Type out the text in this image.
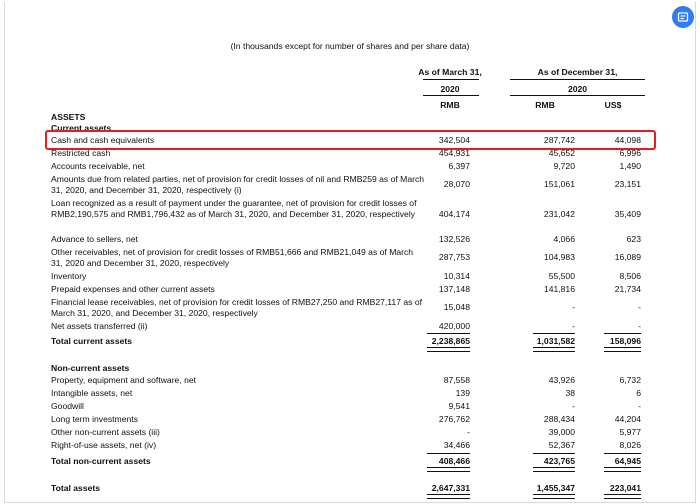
(In thousands except for number of shares and per share data)
As of March 31,
2020
RMB
As of December 31,
2020
RMB	US$
ASSETS
Current assets
Cash and cash equivalents	342,504	287,742	44,098
Restricted cash	454,931	45,652	6,996
Accounts receivable, net	6,397	9,720	1,490
Amounts due from related parties, net of provision for credit losses of nil and RMB259 as of March 31, 2020, and December 31, 2020, respectively (i)
28,070	151,061	23,151
Loan recognized as a result of payment under the guarantee, net of provision for credit losses of RMB2,190,575 and RMB1,796,432 as of March 31, 2020, and December 31, 2020, respectively	404,174	231,042	35,409
Advance to sellers, net	132,526	4,066	623
Other receivables, net of provision for credit losses of RMB51,666 and RMB21,049 as of March 31, 2020 and December 31, 2020, respectively
287,753	104,983	16,089
Inventory	10,314	55,500	8,506
Prepaid expenses and other current assets	137,148	141,816	21,734
Financial lease receivables, net of provision for credit losses of RMB27,250 and RMB27,117 as of March 31, 2020, and December 31, 2020, respectively
15,048	-	-
Net assets transferred (ii)	420,000	-	-
Total current assets	2,238,865	1,031,582	158,096
Non-current assets
Property, equipment and software, net	87,558	43,926	6,732
Intangible assets, net	139	38	6
Goodwill	9,541	-	-
Long term investments	276,762	288,434	44,204
Other non-current assets (iii)	-	39,000	5,977
Right-of-use assets, net (iv)	34,466	52,367	8,026
Total non-current assets	408,466	423,765	64,945
Total assets	2,647,331	1,455,347	223,041
